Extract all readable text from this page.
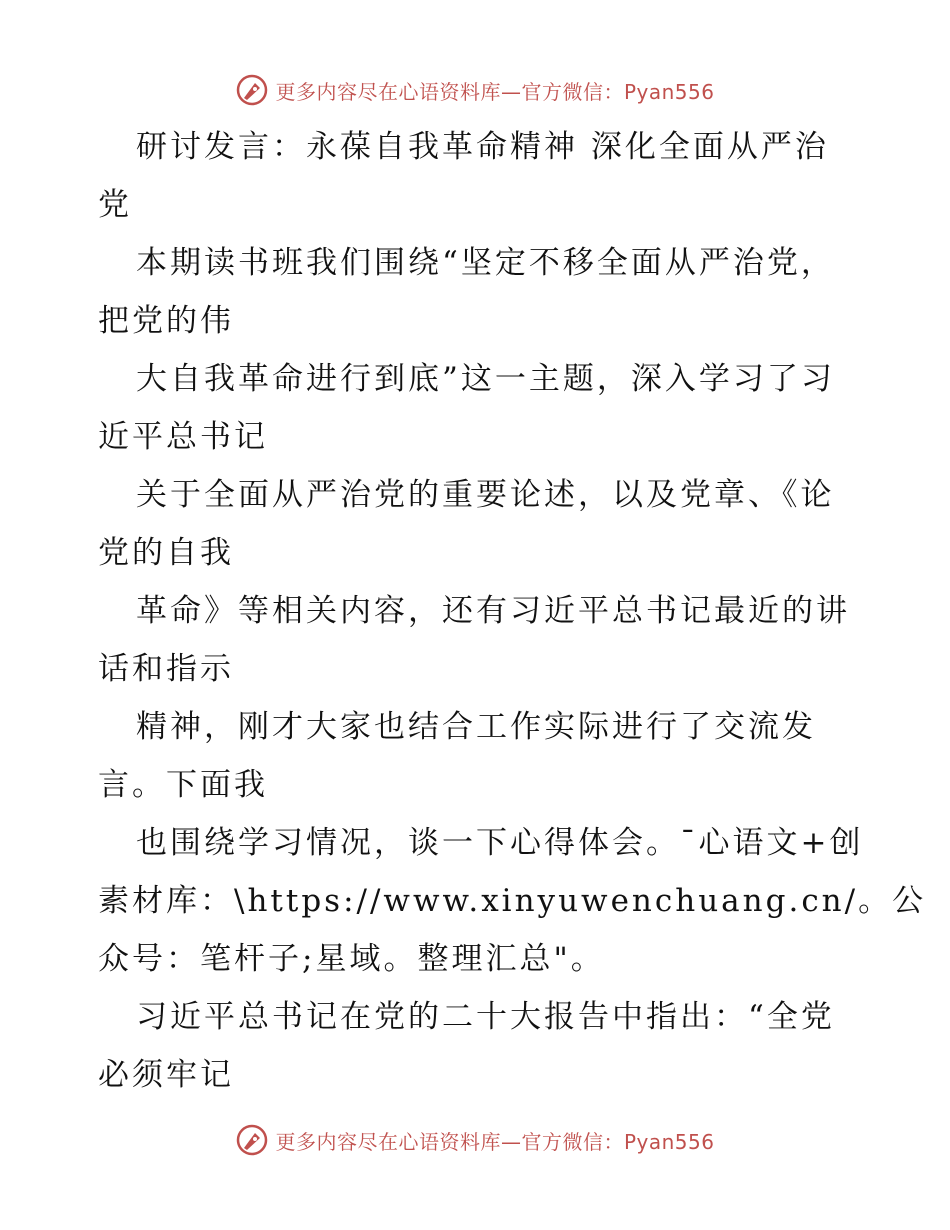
更多内容尽在心语资料库—官方微信：Pyan556

研讨发言：永葆自我革命精神 深化全面从严治

党

本期读书班我们围绕“坚定不移全面从严治党，

把党的伟

大自我革命进行到底”这一主题，深入学习了习

近平总书记

关于全面从严治党的重要论述，以及党章、《论

党的自我

革命》等相关内容，还有习近平总书记最近的讲

话和指示

精神，刚才大家也结合工作实际进行了交流发

言。下面我

也围绕学习情况，谈一下心得体会。¯心语文+创

素材库：\https://www.xinyuwenchuang.cn/。公

众号：笔杆子;星域。整理汇总"。

习近平总书记在党的二十大报告中指出：“全党

必须牢记

更多内容尽在心语资料库—官方微信：Pyan556
